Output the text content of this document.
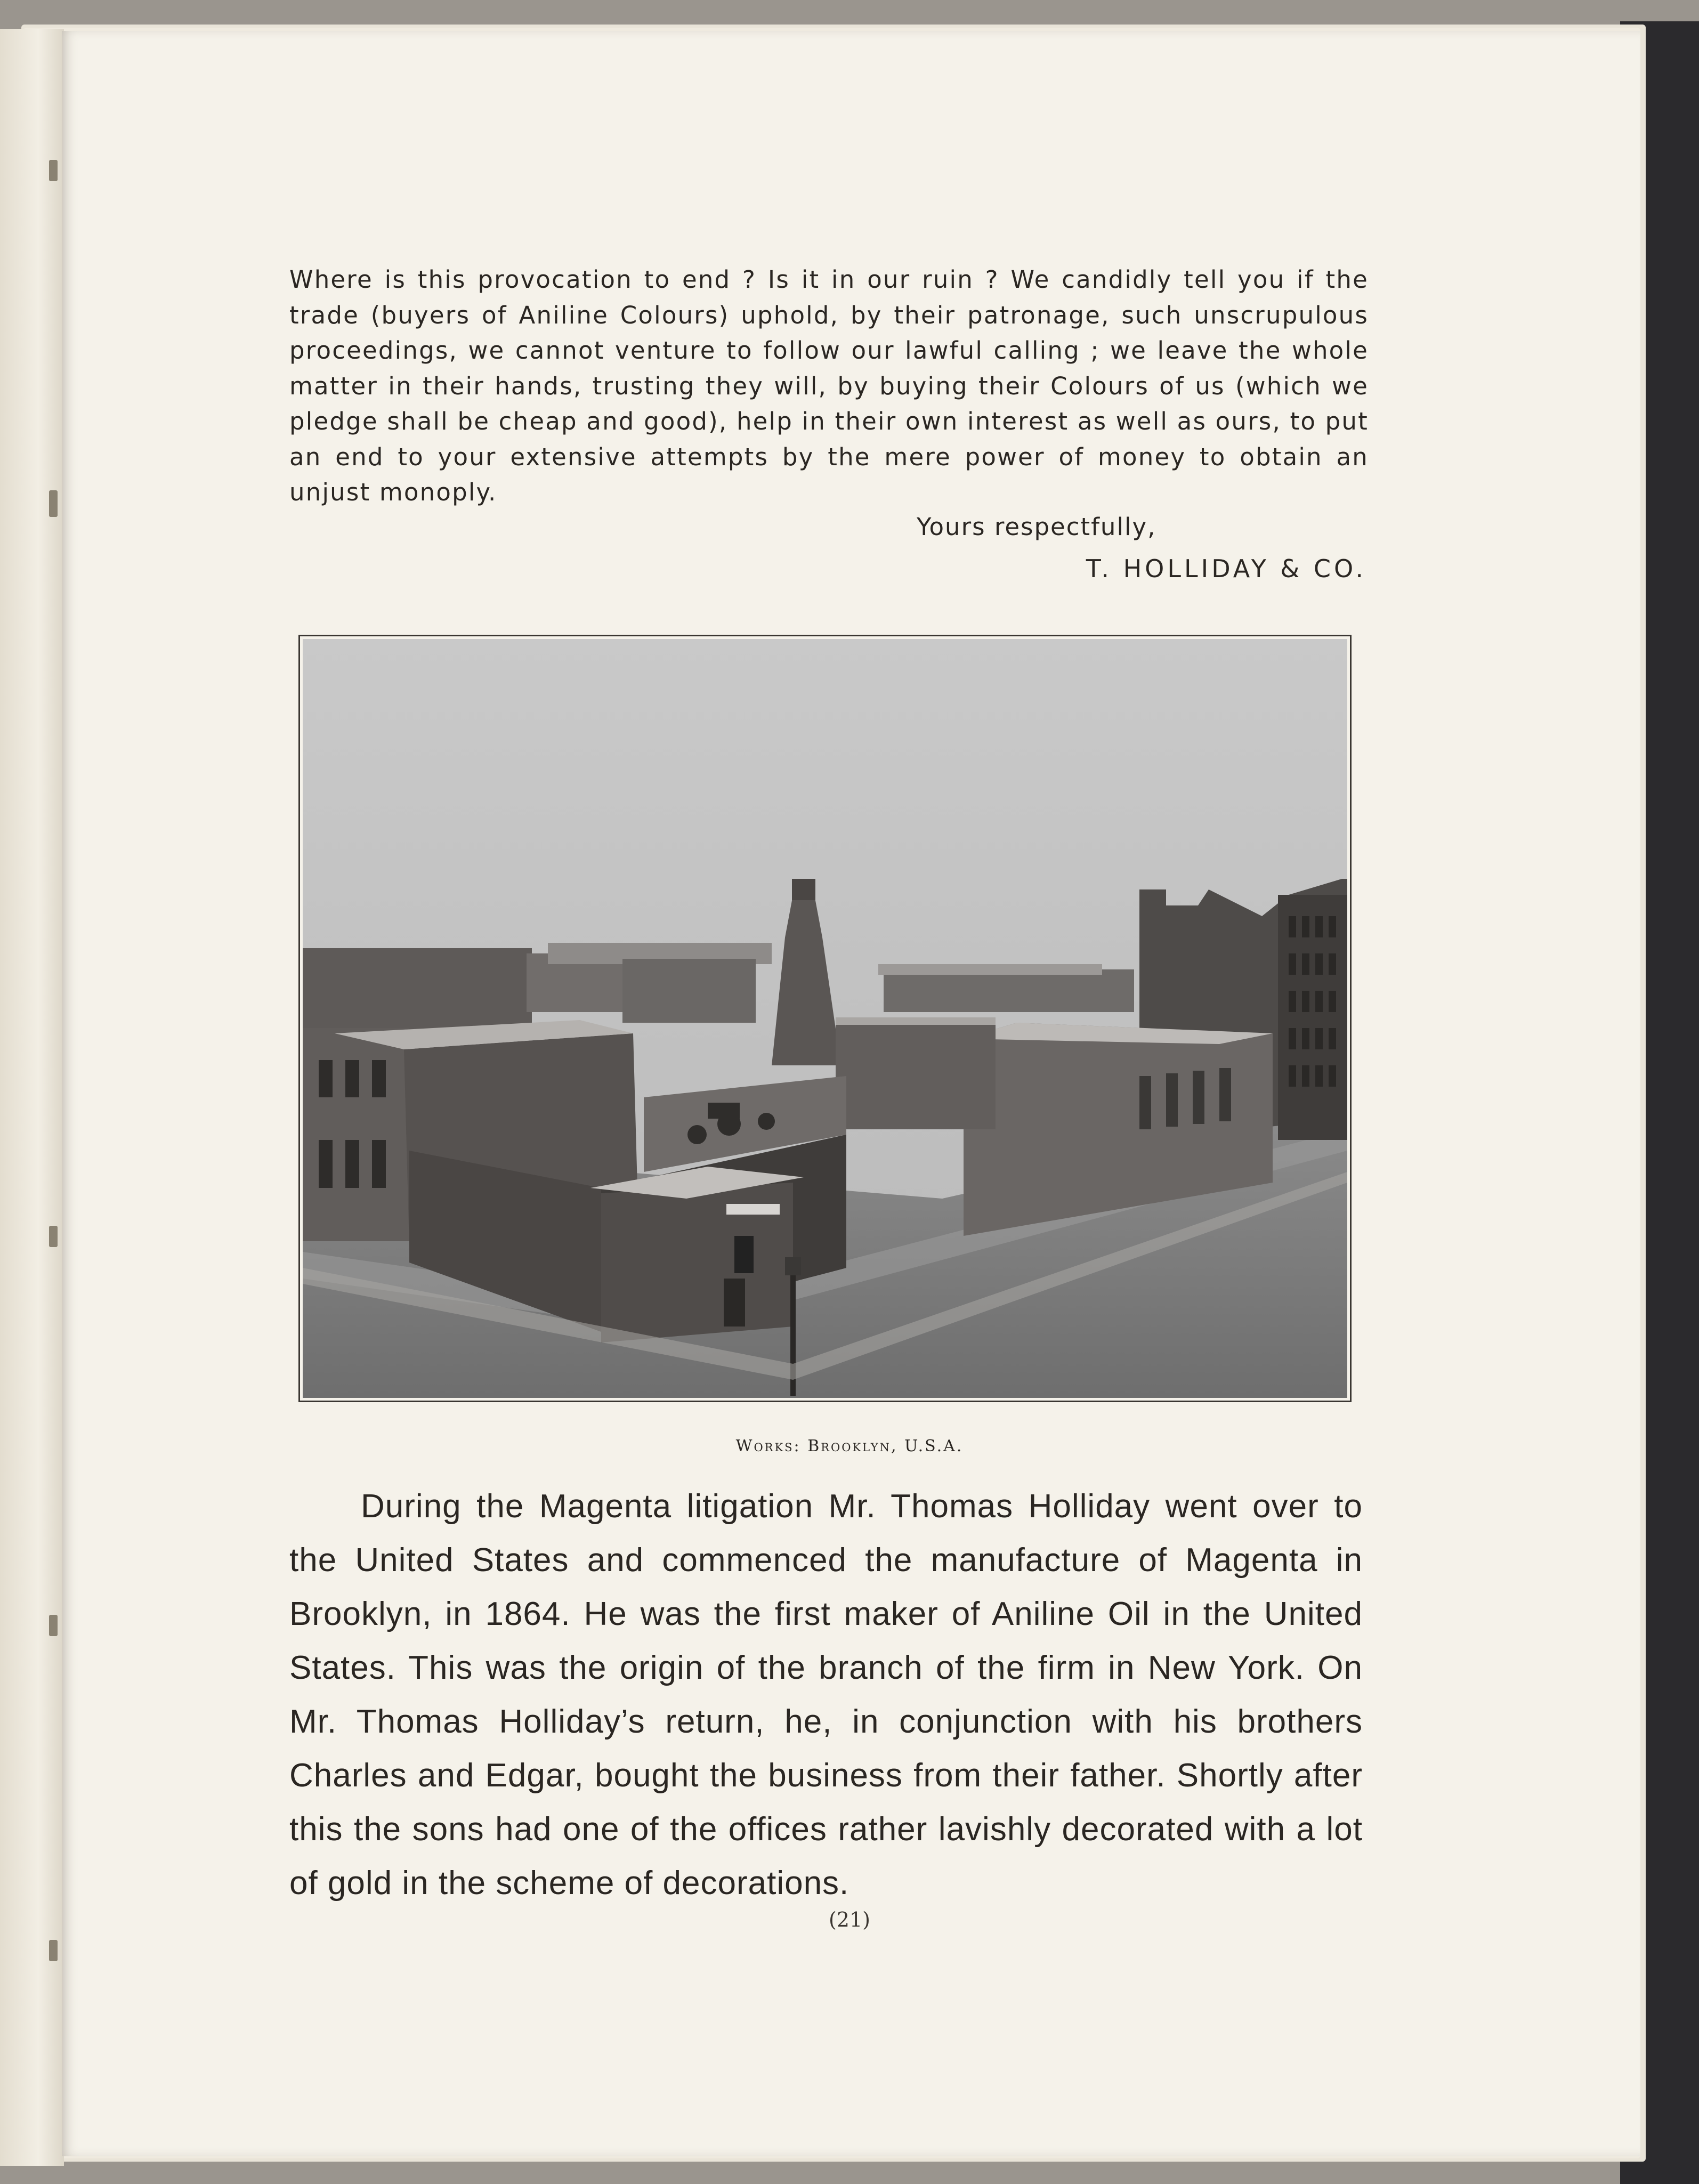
Where is this provocation to end ? Is it in our ruin ? We candidly tell you if the trade (buyers of Aniline Colours) uphold, by their patronage, such unscrupulous proceedings, we cannot venture to follow our lawful calling ; we leave the whole matter in their hands, trusting they will, by buying their Colours of us (which we pledge shall be cheap and good), help in their own interest as well as ours, to put an end to your extensive attempts by the mere power of money to obtain an unjust monoply.

Yours respectfully,
T. HOLLIDAY & CO.
Works: Brooklyn, U.S.A.

During the Magenta litigation Mr. Thomas Holliday went over to the United States and commenced the manufacture of Magenta in Brooklyn, in 1864. He was the first maker of Aniline Oil in the United States. This was the origin of the branch of the firm in New York. On Mr. Thomas Holliday’s return, he, in conjunction with his brothers Charles and Edgar, bought the business from their father. Shortly after this the sons had one of the offices rather lavishly decorated with a lot of gold in the scheme of decorations.

(21)
